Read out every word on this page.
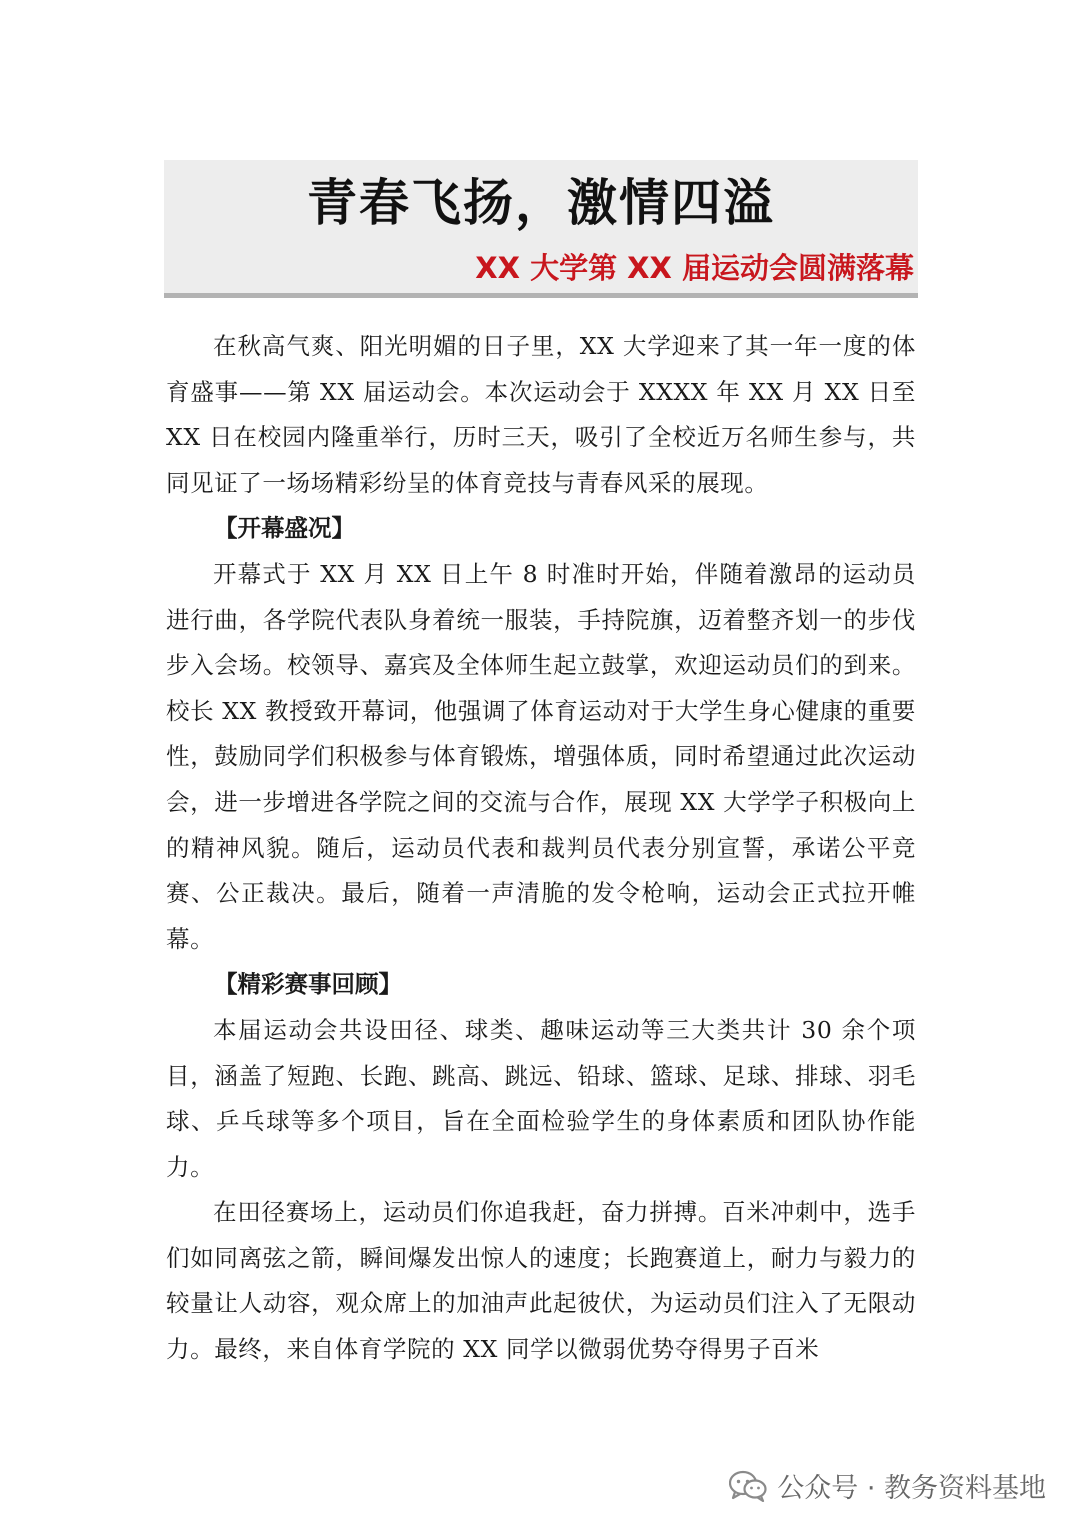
青春飞扬，激情四溢
XX 大学第 XX 届运动会圆满落幕

在秋高气爽、阳光明媚的日子里，XX 大学迎来了其一年一度的体育盛事——第 XX 届运动会。本次运动会于 XXXX 年 XX 月 XX 日至 XX 日在校园内隆重举行，历时三天，吸引了全校近万名师生参与，共同见证了一场场精彩纷呈的体育竞技与青春风采的展现。

【开幕盛况】

开幕式于 XX 月 XX 日上午 8 时准时开始，伴随着激昂的运动员进行曲，各学院代表队身着统一服装，手持院旗，迈着整齐划一的步伐步入会场。校领导、嘉宾及全体师生起立鼓掌，欢迎运动员们的到来。校长 XX 教授致开幕词，他强调了体育运动对于大学生身心健康的重要性，鼓励同学们积极参与体育锻炼，增强体质，同时希望通过此次运动会，进一步增进各学院之间的交流与合作，展现 XX 大学学子积极向上的精神风貌。随后，运动员代表和裁判员代表分别宣誓，承诺公平竞赛、公正裁决。最后，随着一声清脆的发令枪响，运动会正式拉开帷幕。

【精彩赛事回顾】

本届运动会共设田径、球类、趣味运动等三大类共计 30 余个项目，涵盖了短跑、长跑、跳高、跳远、铅球、篮球、足球、排球、羽毛球、乒乓球等多个项目，旨在全面检验学生的身体素质和团队协作能力。

在田径赛场上，运动员们你追我赶，奋力拼搏。百米冲刺中，选手们如同离弦之箭，瞬间爆发出惊人的速度；长跑赛道上，耐力与毅力的较量让人动容，观众席上的加油声此起彼伏，为运动员们注入了无限动力。最终，来自体育学院的 XX 同学以微弱优势夺得男子百米

公众号 · 教务资料基地
